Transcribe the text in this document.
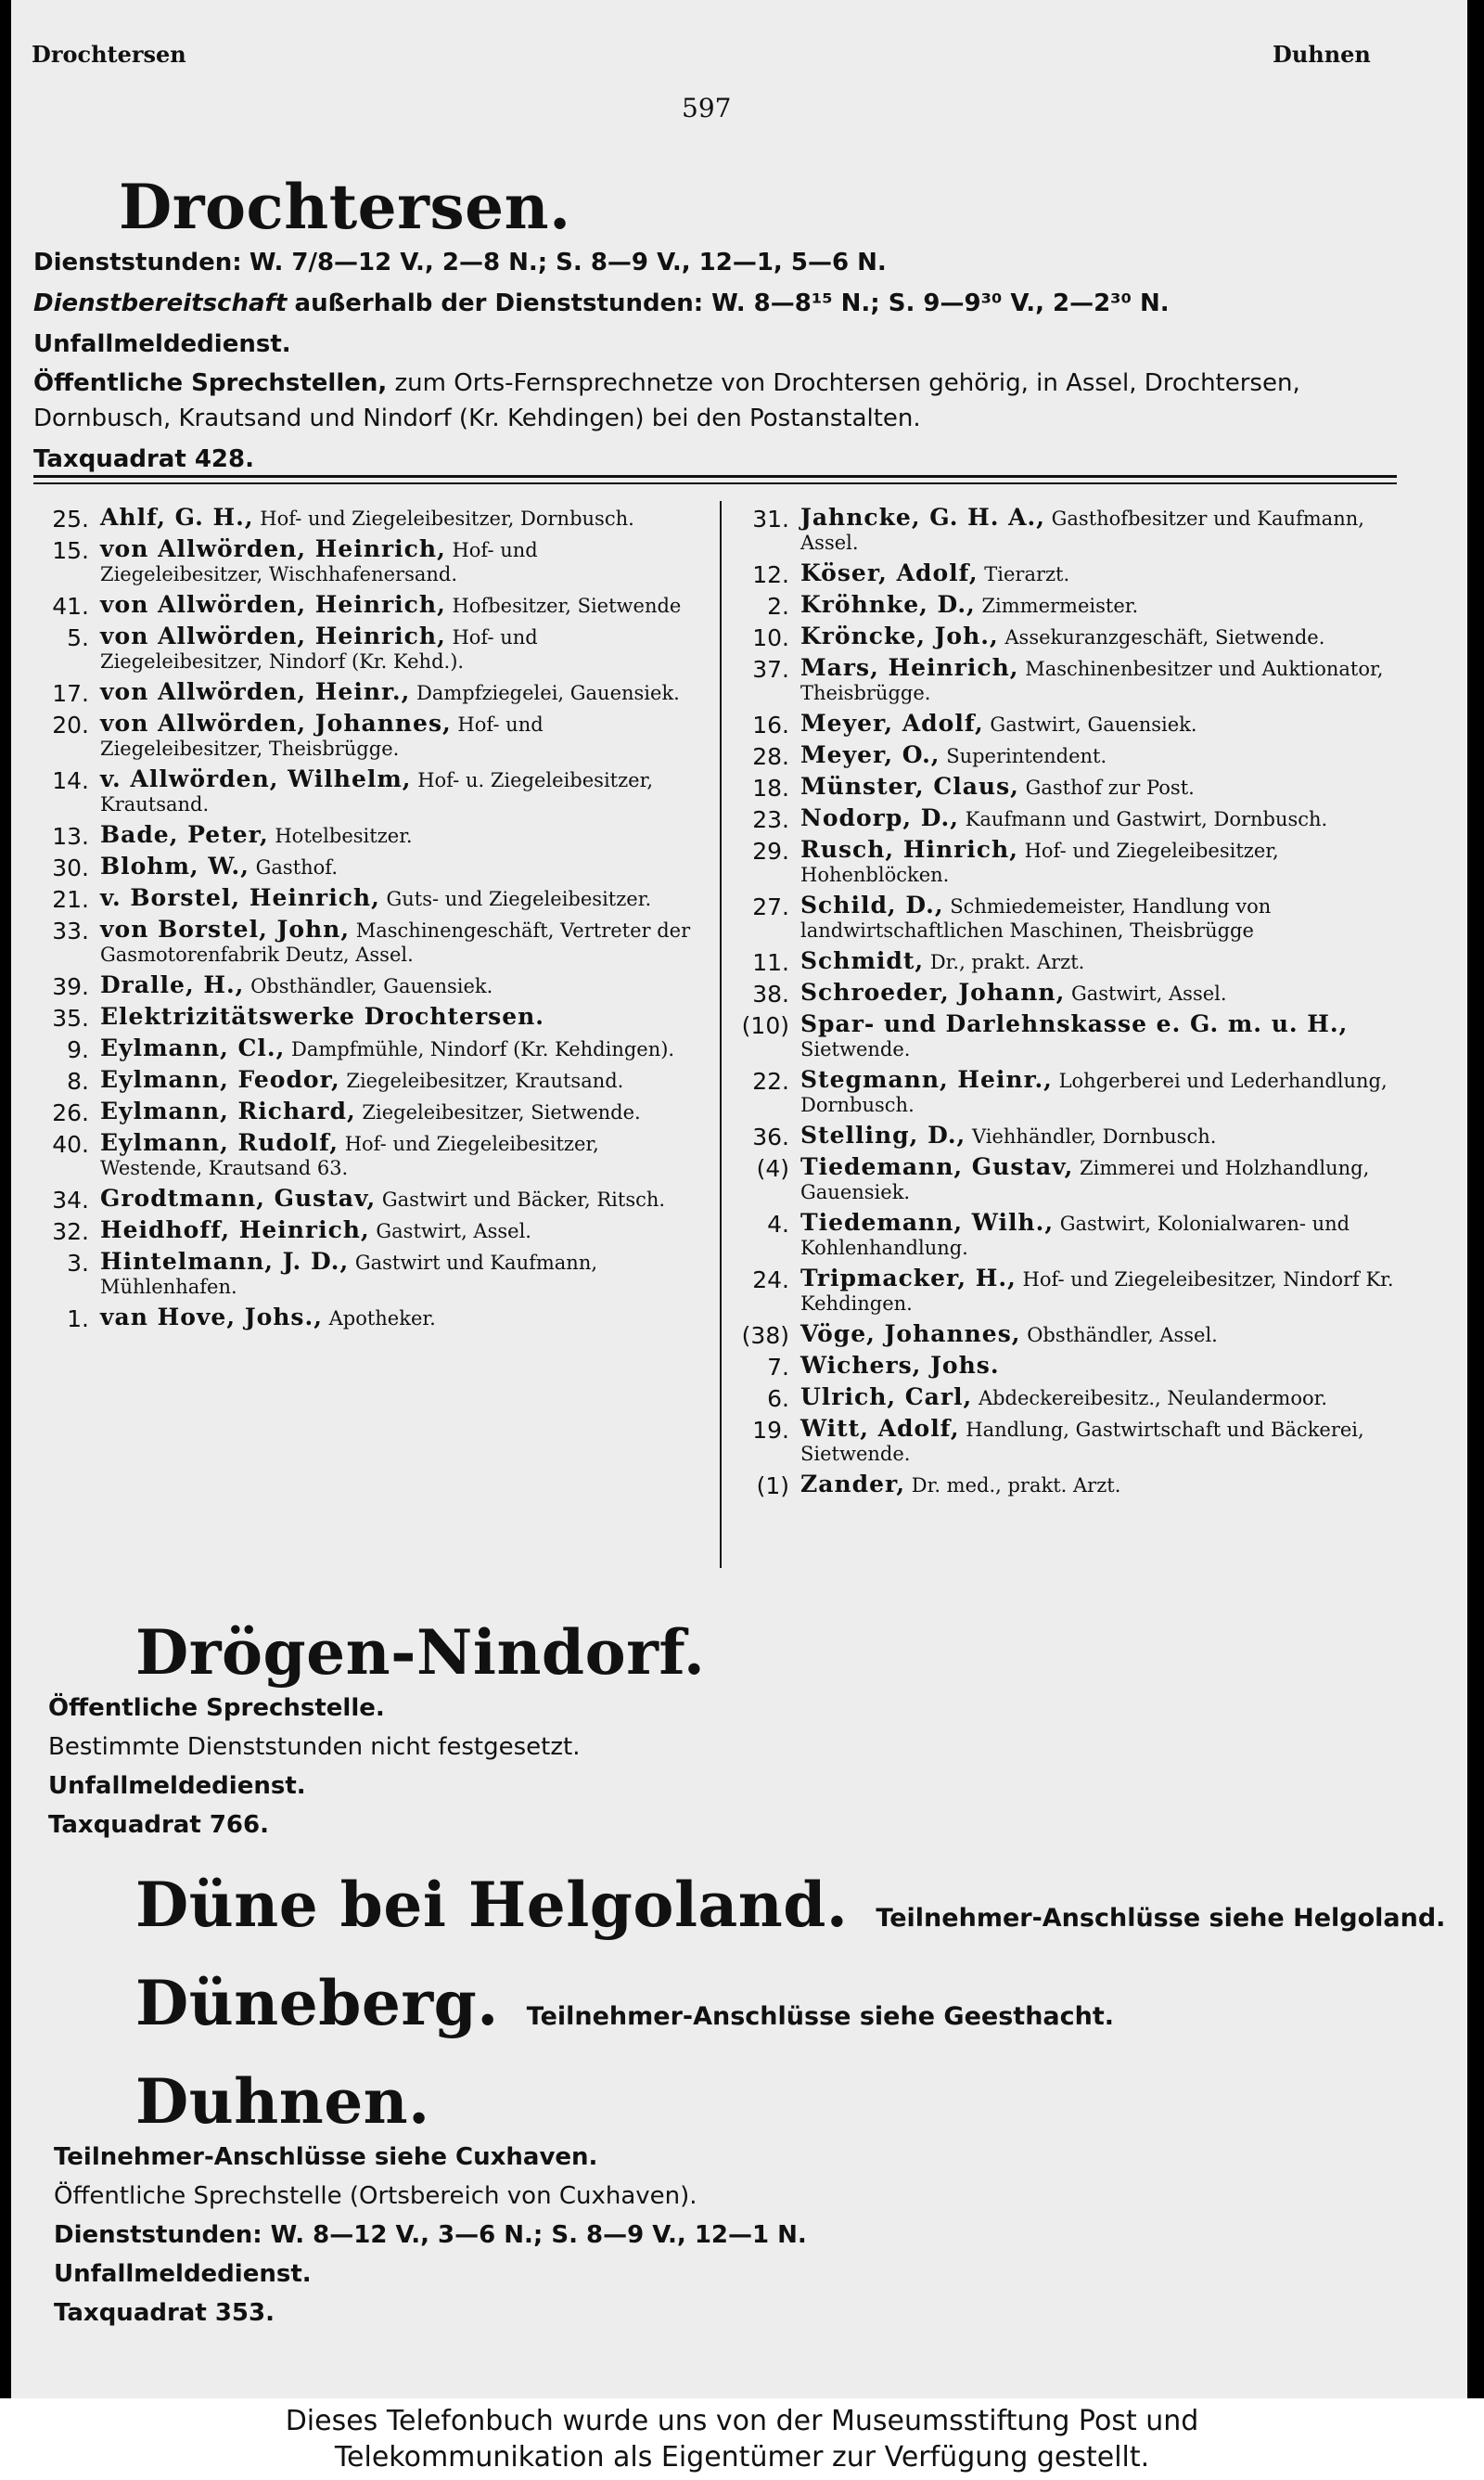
Drochtersen	Duhnen
597
Drochtersen.
Dienststunden: W. 7/8—12 V., 2—8 N.; S. 8—9 V., 12—1, 5—6 N.
Dienstbereitschaft außerhalb der Dienststunden: W. 8—8¹⁵ N.; S. 9—9³⁰ V., 2—2³⁰ N.
Unfallmeldedienst.
Öffentliche Sprechstellen, zum Orts-Fernsprechnetze von Drochtersen gehörig, in Assel, Drochtersen,
Dornbusch, Krautsand und Nindorf (Kr. Kehdingen) bei den Postanstalten.
Taxquadrat 428.
25. Ahlf, G. H., Hof- und Ziegeleibesitzer, Dornbusch.
15. von Allwörden, Heinrich, Hof- und Ziegeleibesitzer, Wischhafenersand.
41. von Allwörden, Heinrich, Hofbesitzer, Sietwende
5. von Allwörden, Heinrich, Hof- und Ziegeleibesitzer, Nindorf (Kr. Kehd.).
17. von Allwörden, Heinr., Dampfziegelei, Gauensiek.
20. von Allwörden, Johannes, Hof- und Ziegeleibesitzer, Theisbrügge.
14. v. Allwörden, Wilhelm, Hof- u. Ziegeleibesitzer, Krautsand.
13. Bade, Peter, Hotelbesitzer.
30. Blohm, W., Gasthof.
21. v. Borstel, Heinrich, Guts- und Ziegeleibesitzer.
33. von Borstel, John, Maschinengeschäft, Vertreter der Gasmotorenfabrik Deutz, Assel.
39. Dralle, H., Obsthändler, Gauensiek.
35. Elektrizitätswerke Drochtersen.
9. Eylmann, Cl., Dampfmühle, Nindorf (Kr. Kehdingen).
8. Eylmann, Feodor, Ziegeleibesitzer, Krautsand.
26. Eylmann, Richard, Ziegeleibesitzer, Sietwende.
40. Eylmann, Rudolf, Hof- und Ziegeleibesitzer, Westende, Krautsand 63.
34. Grodtmann, Gustav, Gastwirt und Bäcker, Ritsch.
32. Heidhoff, Heinrich, Gastwirt, Assel.
3. Hintelmann, J. D., Gastwirt und Kaufmann, Mühlenhafen.
1. van Hove, Johs., Apotheker.
31. Jahncke, G. H. A., Gasthofbesitzer und Kaufmann, Assel.
12. Köser, Adolf, Tierarzt.
2. Kröhnke, D., Zimmermeister.
10. Kröncke, Joh., Assekuranzgeschäft, Sietwende.
37. Mars, Heinrich, Maschinenbesitzer und Auktionator, Theisbrügge.
16. Meyer, Adolf, Gastwirt, Gauensiek.
28. Meyer, O., Superintendent.
18. Münster, Claus, Gasthof zur Post.
23. Nodorp, D., Kaufmann und Gastwirt, Dornbusch.
29. Rusch, Hinrich, Hof- und Ziegeleibesitzer, Hohenblöcken.
27. Schild, D., Schmiedemeister, Handlung von landwirtschaftlichen Maschinen, Theisbrügge
11. Schmidt, Dr., prakt. Arzt.
38. Schroeder, Johann, Gastwirt, Assel.
(10) Spar- und Darlehnskasse e. G. m. u. H., Sietwende.
22. Stegmann, Heinr., Lohgerberei und Lederhandlung, Dornbusch.
36. Stelling, D., Viehhändler, Dornbusch.
(4) Tiedemann, Gustav, Zimmerei und Holzhandlung, Gauensiek.
4. Tiedemann, Wilh., Gastwirt, Kolonialwaren- und Kohlenhandlung.
24. Tripmacker, H., Hof- und Ziegeleibesitzer, Nindorf Kr. Kehdingen.
(38) Vöge, Johannes, Obsthändler, Assel.
7. Wichers, Johs.
6. Ulrich, Carl, Abdeckereibesitz., Neulandermoor.
19. Witt, Adolf, Handlung, Gastwirtschaft und Bäckerei, Sietwende.
(1) Zander, Dr. med., prakt. Arzt.
Drögen-Nindorf.
Öffentliche Sprechstelle.
Bestimmte Dienststunden nicht festgesetzt.
Unfallmeldedienst.
Taxquadrat 766.
Düne bei Helgoland. Teilnehmer-Anschlüsse siehe Helgoland.
Düneberg. Teilnehmer-Anschlüsse siehe Geesthacht.
Duhnen.
Teilnehmer-Anschlüsse siehe Cuxhaven.
Öffentliche Sprechstelle (Ortsbereich von Cuxhaven).
Dienststunden: W. 8—12 V., 3—6 N.; S. 8—9 V., 12—1 N.
Unfallmeldedienst.
Taxquadrat 353.
Dieses Telefonbuch wurde uns von der Museumsstiftung Post und
Telekommunikation als Eigentümer zur Verfügung gestellt.
